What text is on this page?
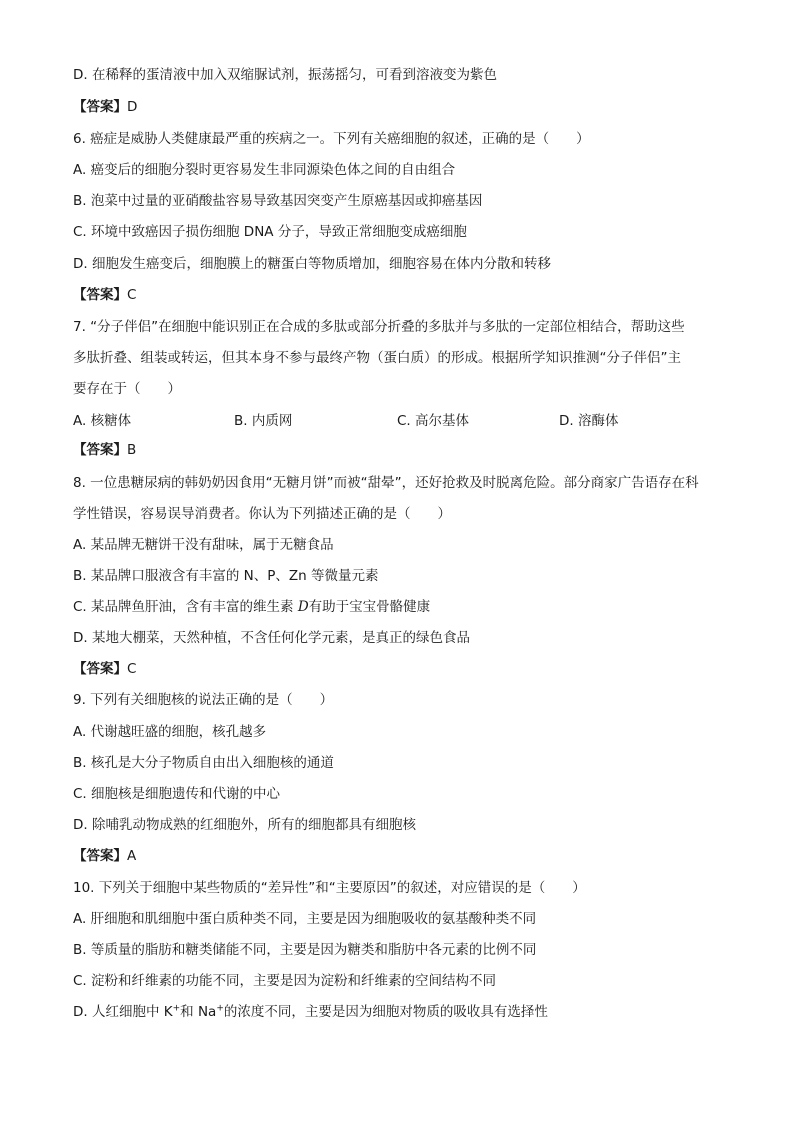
D. 在稀释的蛋清液中加入双缩脲试剂，振荡摇匀，可看到溶液变为紫色
【答案】D
6. 癌症是威胁人类健康最严重的疾病之一。下列有关癌细胞的叙述，正确的是（　　）
A. 癌变后的细胞分裂时更容易发生非同源染色体之间的自由组合
B. 泡菜中过量的亚硝酸盐容易导致基因突变产生原癌基因或抑癌基因
C. 环境中致癌因子损伤细胞 DNA 分子，导致正常细胞变成癌细胞
D. 细胞发生癌变后，细胞膜上的糖蛋白等物质增加，细胞容易在体内分散和转移
【答案】C
7. “分子伴侣”在细胞中能识别正在合成的多肽或部分折叠的多肽并与多肽的一定部位相结合，帮助这些
多肽折叠、组装或转运，但其本身不参与最终产物（蛋白质）的形成。根据所学知识推测“分子伴侣”主
要存在于（　　）
A. 核糖体	B. 内质网	C. 高尔基体	D. 溶酶体
【答案】B
8. 一位患糖尿病的韩奶奶因食用“无糖月饼”而被“甜晕”，还好抢救及时脱离危险。部分商家广告语存在科
学性错误，容易误导消费者。你认为下列描述正确的是（　　）
A. 某品牌无糖饼干没有甜味，属于无糖食品
B. 某品牌口服液含有丰富的 N、P、Zn 等微量元素
C. 某品牌鱼肝油，含有丰富的维生素 D有助于宝宝骨骼健康
D. 某地大棚菜，天然种植，不含任何化学元素，是真正的绿色食品
【答案】C
9. 下列有关细胞核的说法正确的是（　　）
A. 代谢越旺盛的细胞，核孔越多
B. 核孔是大分子物质自由出入细胞核的通道
C. 细胞核是细胞遗传和代谢的中心
D. 除哺乳动物成熟的红细胞外，所有的细胞都具有细胞核
【答案】A
10. 下列关于细胞中某些物质的“差异性”和“主要原因”的叙述，对应错误的是（　　）
A. 肝细胞和肌细胞中蛋白质种类不同，主要是因为细胞吸收的氨基酸种类不同
B. 等质量的脂肪和糖类储能不同，主要是因为糖类和脂肪中各元素的比例不同
C. 淀粉和纤维素的功能不同，主要是因为淀粉和纤维素的空间结构不同
D. 人红细胞中 K+和 Na+的浓度不同，主要是因为细胞对物质的吸收具有选择性
